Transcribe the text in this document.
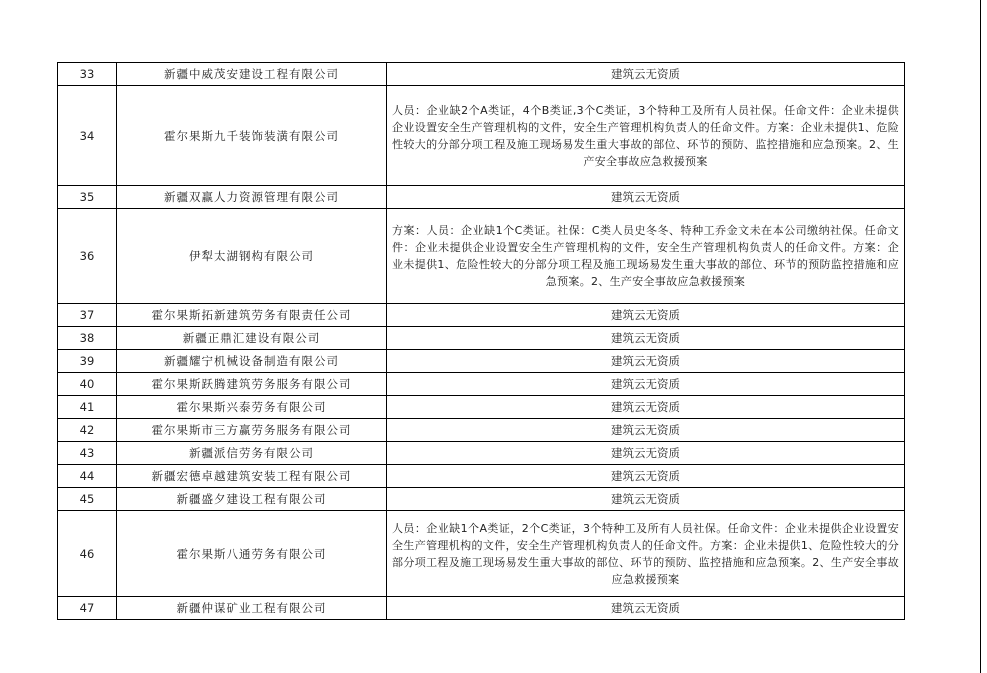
33	新疆中威茂安建设工程有限公司	建筑云无资质
34	霍尔果斯九千装饰装潢有限公司	人员：企业缺2个A类证，4个B类证,3个C类证，3个特种工及所有人员社保。任命文件：企业未提供企业设置安全生产管理机构的文件，安全生产管理机构负责人的任命文件。方案：企业未提供1、危险性较大的分部分项工程及施工现场易发生重大事故的部位、环节的预防、监控措施和应急预案。2、生产安全事故应急救援预案
35	新疆双赢人力资源管理有限公司	建筑云无资质
36	伊犁太湖钢构有限公司	方案：人员：企业缺1个C类证。社保：C类人员史冬冬、特种工乔金文未在本公司缴纳社保。任命文件：企业未提供企业设置安全生产管理机构的文件，安全生产管理机构负责人的任命文件。方案：企业未提供1、危险性较大的分部分项工程及施工现场易发生重大事故的部位、环节的预防监控措施和应急预案。2、生产安全事故应急救援预案
37	霍尔果斯拓新建筑劳务有限责任公司	建筑云无资质
38	新疆正鼎汇建设有限公司	建筑云无资质
39	新疆耀宁机械设备制造有限公司	建筑云无资质
40	霍尔果斯跃腾建筑劳务服务有限公司	建筑云无资质
41	霍尔果斯兴泰劳务有限公司	建筑云无资质
42	霍尔果斯市三方赢劳务服务有限公司	建筑云无资质
43	新疆派信劳务有限公司	建筑云无资质
44	新疆宏德卓越建筑安装工程有限公司	建筑云无资质
45	新疆盛夕建设工程有限公司	建筑云无资质
46	霍尔果斯八通劳务有限公司	人员：企业缺1个A类证，2个C类证，3个特种工及所有人员社保。任命文件：企业未提供企业设置安全生产管理机构的文件，安全生产管理机构负责人的任命文件。方案：企业未提供1、危险性较大的分部分项工程及施工现场易发生重大事故的部位、环节的预防、监控措施和应急预案。2、生产安全事故应急救援预案
47	新疆仲谋矿业工程有限公司	建筑云无资质
